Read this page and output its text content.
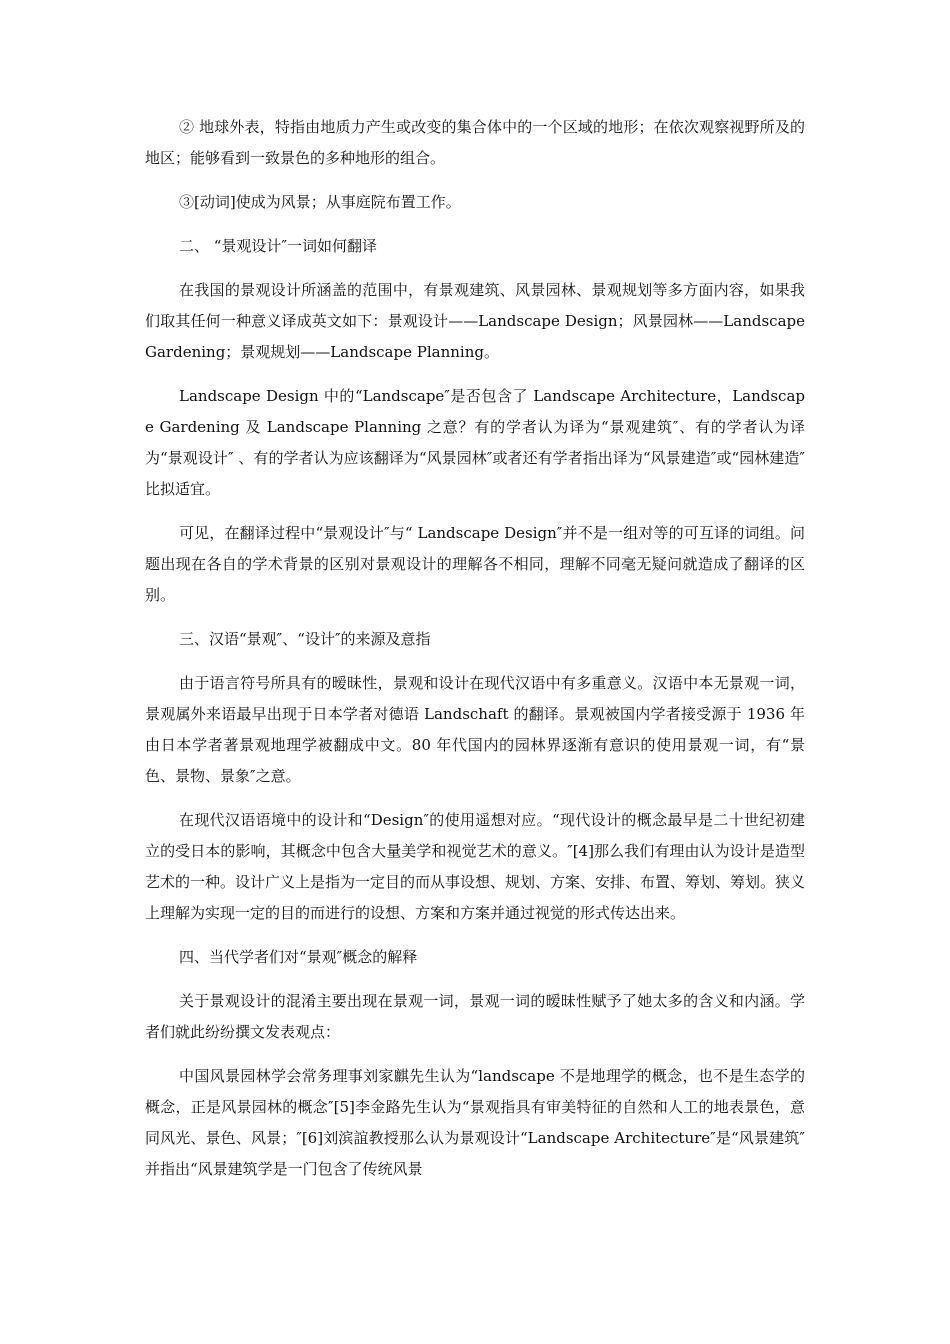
② 地球外表，特指由地质力产生或改变的集合体中的一个区域的地形；在依次观察视野所及的地区；能够看到一致景色的多种地形的组合。

③[动词]使成为风景；从事庭院布置工作。

二、 “景观设计″一词如何翻译

在我国的景观设计所涵盖的范围中，有景观建筑、风景园林、景观规划等多方面内容，如果我们取其任何一种意义译成英文如下：景观设计——Landscape Design；风景园林——Landscape Gardening；景观规划——Landscape Planning。

Landscape Design 中的“Landscape″是否包含了 Landscape Architecture，Landscape Gardening 及 Landscape Planning 之意？有的学者认为译为“景观建筑″、有的学者认为译为“景观设计″ 、有的学者认为应该翻译为“风景园林″或者还有学者指出译为“风景建造″或“园林建造″比拟适宜。

可见，在翻译过程中“景观设计″与“ Landscape Design″并不是一组对等的可互译的词组。问题出现在各自的学术背景的区别对景观设计的理解各不相同，理解不同毫无疑问就造成了翻译的区别。

三、汉语“景观″、“设计″的来源及意指

由于语言符号所具有的暧昧性，景观和设计在现代汉语中有多重意义。汉语中本无景观一词，景观属外来语最早出现于日本学者对德语 Landschaft 的翻译。景观被国内学者接受源于 1936 年由日本学者著景观地理学被翻成中文。80 年代国内的园林界逐渐有意识的使用景观一词，有“景色、景物、景象″之意。

在现代汉语语境中的设计和“Design″的使用遥想对应。“现代设计的概念最早是二十世纪初建立的受日本的影响，其概念中包含大量美学和视觉艺术的意义。″[4]那么我们有理由认为设计是造型艺术的一种。设计广义上是指为一定目的而从事设想、规划、方案、安排、布置、筹划、筹划。狭义上理解为实现一定的目的而进行的设想、方案和方案并通过视觉的形式传达出来。

四、当代学者们对“景观″概念的解释

关于景观设计的混淆主要出现在景观一词，景观一词的暧昧性赋予了她太多的含义和内涵。学者们就此纷纷撰文发表观点：

中国风景园林学会常务理事刘家麒先生认为“landscape 不是地理学的概念，也不是生态学的概念，正是风景园林的概念″[5]李金路先生认为“景观指具有审美特征的自然和人工的地表景色，意同风光、景色、风景；″[6]刘滨誼教授那么认为景观设计“Landscape Architecture″是“风景建筑″并指出“风景建筑学是一门包含了传统风景
